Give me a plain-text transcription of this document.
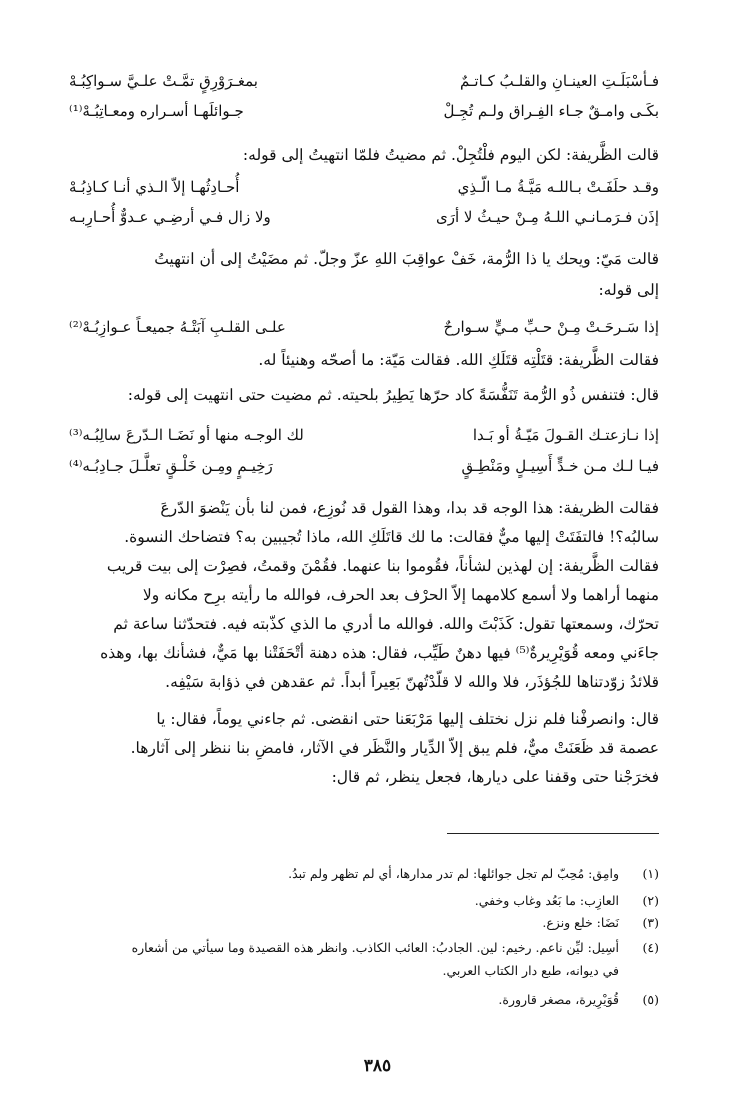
فـأسْبَلَـتِ العينـانِ والقلـبُ كـاتـمٌ
بمغـرَوْرِقٍ تمَّـتْ علـيَّ سـواكِبُـهْ
بكَـى وامـقٌ جـاء الفِـراق ولـم تُجِـلْ
جـوائلَهـا أسـراره ومعـاتِبُـهْ⁽¹⁾
قالت الظَّريفة: لكن اليوم فلْتُجِلْ. ثم مضيتُ فلمّا انتهيتُ إلى قوله:
وقـد حلَفَـتْ بـاللـه مَيَّـةُ مـا الّـذِي
أُحـادِثُهـا إلاّ الـذي أنـا كـاذِبُـهْ
إذَن فـرَمـانـي اللـهُ مِـنْ حيـثُ لا أرَى
ولا زال فـي أرضِـي عـدوٌّ أُحـارِبـه
قالت مَيّ: ويحك يا ذا الرُّمة، خَفْ عواقِبَ اللهِ عزّ وجلّ. ثم مضَيْتُ إلى أن انتهيتُ
إلى قوله:
إذا سَـرحَـتْ مِـنْ حـبِّ مـيٍّ سـوارحٌ
علـى القلـبِ آبَتْـهُ جميعـاً عـوازِبُـهْ⁽²⁾
فقالت الظَّريفة: قتَلْتِه قتَلَكِ الله. فقالت مَيّة: ما أصحّه وهنيئاً له.
قال: فتنفس ذُو الرُّمة تَنَفُّسَةً كاد حرّها يَطِيرُ بلحيته. ثم مضيت حتى انتهيت إلى قوله:
إذا نـازعتـك القـولَ مَيّـةُ أو بَـدا
لك الوجـه منها أو نَضَـا الـدّرعَ سالِبُـه⁽³⁾
فيـا لـك مـن خـدٍّ أَسِيـلٍ ومَنْطِـقٍ
رَخِيـمٍ ومِـن خَلْـقٍ تعلَّـلَ جـادِبُـه⁽⁴⁾
فقالت الظريفة: هذا الوجه قد بدا، وهذا القول قد نُوزِع، فمن لنا بأن يَنْضوَ الدّرعَ
سالبُه؟! فالتفَتَتْ إليها ميٌّ فقالت: ما لك قاتَلَكِ الله، ماذا تُجيبين به؟ فتضاحك النسوة.
فقالت الظَّريفة: إن لهذين لشأناً، فقُوموا بنا عنهما. فقُمْنَ وقمتُ، فصِرْت إلى بيت قريب
منهما أراهما ولا أسمع كلامهما إلاّ الحرْف بعد الحرف، فوالله ما رأيته برِح مكانه ولا
تحرّك، وسمعتها تقول: كَذَبْتَ والله. فوالله ما أدري ما الذي كذّبته فيه. فتحدّثنا ساعة ثم
جاءَني ومعه قُوَيْرِيرةٌ⁽⁵⁾ فيها دهنٌ طَيِّب، فقال: هذه دهنة أتْحَفَتْنا بها مَيٌّ، فشأنك بها، وهذه
قلائدُ زوّدتناها للجُؤذَر، فلا والله لا قلّدْتُهنّ بَعِيراً أبداً. ثم عقدهن في ذؤابة سَيْفِه.
قال: وانصرفْنا فلم نزل نختلف إليها مَرْبَعَنا حتى انقضى. ثم جاءني يوماً، فقال: يا
عصمة قد ظَعَنَتْ ميٌّ، فلم يبق إلاّ الدِّيار والنَّظَر في الآثار، فامضِ بنا ننظر إلى آثارها.
فخرَجْنا حتى وقفنا على ديارها، فجعل ينظر، ثم قال:
(١) وامِق: مُحِبّ لم تجل جوائلها: لم تدر مدارها، أي لم تظهر ولم تبدُ.
(٢) العازِب: ما بَعُد وغاب وخفي.
(٣) نَضَا: خلع ونزع.
(٤) أسِيل: ليِّن ناعم. رخيم: لين. الجادبُ: العائب الكاذب. وانظر هذه القصيدة وما سيأتي من أشعاره
في ديوانه، طبع دار الكتاب العربي.
(٥) قُوَيْرِيرة، مصغر قارورة.
٣٨٥
